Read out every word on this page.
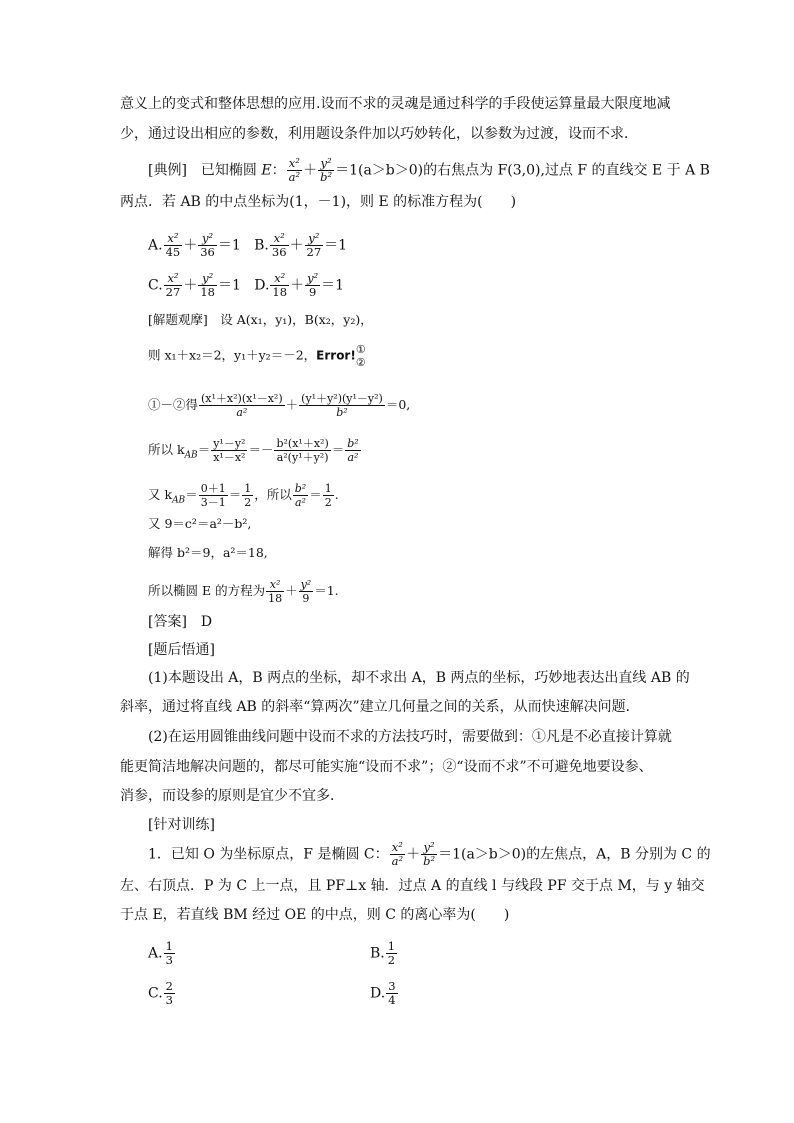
意义上的变式和整体思想的应用.设而不求的灵魂是通过科学的手段使运算量最大限度地减
少，通过设出相应的参数，利用题设条件加以巧妙转化，以参数为过渡，设而不求．
[典例]　已知椭圆 E： $\frac{\text{x²}}{\text{a²}} + \frac{\text{y²}}{\text{b²}} =1(a>b>0)$的右焦点为 F(3,0),过点 F 的直线交 E 于 A B
两点．若 AB 的中点坐标为(1，－1)，则 E 的标准方程为(　　)
A. $\frac{\text{x²}}{45} + \frac{\text{y²}}{36} =1$ B. $\frac{\text{x²}}{36} + \frac{\text{y²}}{27} =1$
C. $\frac{\text{x²}}{27} + \frac{\text{y²}}{18} =1$ D. $\frac{\text{x²}}{18} + \frac{\text{y²}}{9} =1$
[解题观摩]　设 A(x₁，y₁)，B(x₂，y₂)，
则 x₁＋x₂＝2，y₁＋y₂＝－2，Error! ①
②
①－②得 $\frac{\text{(x¹＋x²)(x¹－x²)}}{\text{a²}} + \frac{\text{(y¹＋y²)(y¹－y²)}}{\text{b²}} =0$,
所以 $k_{AB}= \frac{\text{y¹－y²}}{\text{x¹－x²}} =- \frac{\text{b²(x¹＋x²)}}{\text{a²(y¹＋y²)}} = \frac{\text{b²}}{\text{a²}}$
又 $k_{AB}= \frac{0+1}{3-1} = \frac{1}{2}$ ，所以 $\frac{\text{b²}}{\text{a²}} = \frac{1}{2}$ .
又 9＝c²＝a²－b²,
解得 b²＝9，a²＝18,
所以椭圆 E 的方程为 $\frac{\text{x²}}{18} + \frac{\text{y²}}{9} =1$.
[答案]　D
[题后悟通]
(1)本题设出 A，B 两点的坐标，却不求出 A，B 两点的坐标，巧妙地表达出直线 AB 的
斜率，通过将直线 AB 的斜率“算两次”建立几何量之间的关系，从而快速解决问题．
(2)在运用圆锥曲线问题中设而不求的方法技巧时，需要做到：①凡是不必直接计算就
能更简洁地解决问题的，都尽可能实施“设而不求”；②“设而不求”不可避免地要设参、
消参，而设参的原则是宜少不宜多．
[针对训练]
1．已知 O 为坐标原点，F 是椭圆 C： $\frac{\text{x²}}{\text{a²}} + \frac{\text{y²}}{\text{b²}} =1(a>b>0)$的左焦点，A，B 分别为 C 的
左、右顶点．P 为 C 上一点，且 PF⊥x 轴．过点 A 的直线 l 与线段 PF 交于点 M，与 y 轴交
于点 E，若直线 BM 经过 OE 的中点，则 C 的离心率为(　　)
A. $\frac{1}{3}$	B. $\frac{1}{2}$
C. $\frac{2}{3}$	D. $\frac{3}{4}$
